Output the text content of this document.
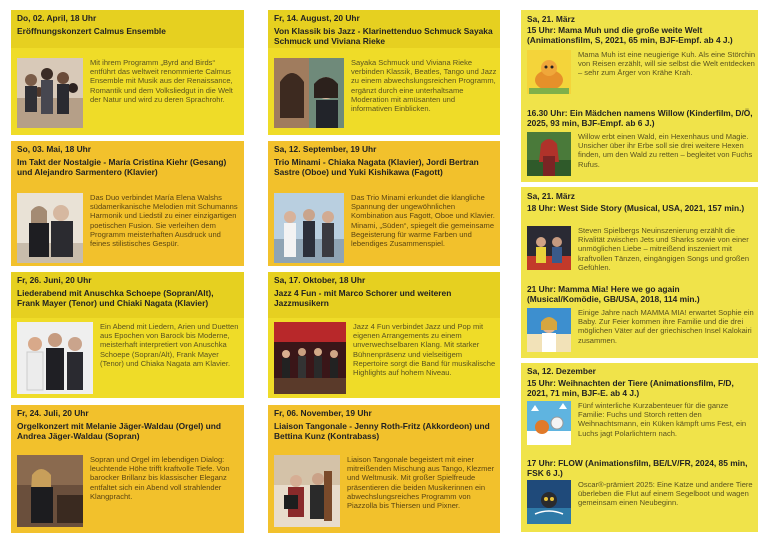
Do, 02. April, 18 Uhr
Eröffnungskonzert Calmus Ensemble
Mit ihrem Programm „Byrd and Birds“ entführt das weltweit renommierte Calmus Ensemble mit Musik aus der Renaissance, Romantik und dem Volksliedgut in die Welt der Natur und wird zu deren Sprachrohr.
So, 03. Mai, 18 Uhr
Im Takt der Nostalgie - María Cristina Kiehr (Gesang) und Alejandro Sarmentero (Klavier)
Das Duo verbindet María Elena Walshs südamerikanische Melodien mit Schumanns Harmonik und Liedstil zu einer einzigartigen poetischen Fusion. Sie verleihen dem Programm meisterhaften Ausdruck und feines stilistisches Gespür.
Fr, 26. Juni, 20 Uhr
Liederabend mit Anuschka Schoepe (Sopran/Alt), Frank Mayer (Tenor) und Chiaki Nagata (Klavier)
Ein Abend mit Liedern, Arien und Duetten aus Epochen von Barock bis Moderne, meisterhaft interpretiert von Anuschka Schoepe (Sopran/Alt), Frank Mayer (Tenor) und Chiaka Nagata am Klavier.
Fr, 24. Juli, 20 Uhr
Orgelkonzert mit Melanie Jäger-Waldau (Orgel) und Andrea Jäger-Waldau (Sopran)
Sopran und Orgel im lebendigen Dialog: leuchtende Höhe trifft kraftvolle Tiefe. Von barocker Brillanz bis klassischer Eleganz entfaltet sich ein Abend voll strahlender Klangpracht.
Fr, 14. August, 20 Uhr
Von Klassik bis Jazz - Klarinettenduo Schmuck Sayaka Schmuck und Viviana Rieke
Sayaka Schmuck und Viviana Rieke verbinden Klassik, Beatles, Tango und Jazz zu einem abwechslungsreichen Programm, ergänzt durch eine unterhaltsame Moderation mit amüsanten und informativen Einblicken.
Sa, 12. September, 19 Uhr
Trio Minami - Chiaka Nagata (Klavier), Jordi Bertran Sastre (Oboe) und Yuki Kishikawa (Fagott)
Das Trio Minami erkundet die klangliche Spannung der ungewöhnlichen Kombination aus Fagott, Oboe und Klavier. Minami, „Süden“, spiegelt die gemeinsame Begeisterung für warme Farben und lebendiges Zusammenspiel.
Sa, 17. Oktober, 18 Uhr
Jazz 4 Fun - mit Marco Schorer und weiteren Jazzmusikern
Jazz 4 Fun verbindet Jazz und Pop mit eigenen Arrangements zu einem unverwechselbaren Klang. Mit starker Bühnenpräsenz und vielseitigem Repertoire sorgt die Band für musikalische Highlights auf hohem Niveau.
Fr, 06. November, 19 Uhr
Liaison Tangonale - Jenny Roth-Fritz (Akkordeon) und Bettina Kunz (Kontrabass)
Liaison Tangonale begeistert mit einer mitreißenden Mischung aus Tango, Klezmer und Weltmusik. Mit großer Spielfreude präsentieren die beiden Musikerinnen ein abwechslungsreiches Programm von Piazzolla bis Thiersen und Pixner.
Sa, 21. März
15 Uhr: Mama Muh und die große weite Welt (Animationsfilm, S, 2021, 65 min, BJF-Empf. ab 4 J.)
Mama Muh ist eine neugierige Kuh. Als eine Störchin von Reisen erzählt, will sie selbst die Welt entdecken – sehr zum Ärger von Krähe Krah.
16.30 Uhr: Ein Mädchen namens Willow (Kinderfilm, D/Ö, 2025, 93 min, BJF-Empf. ab 6 J.)
Willow erbt einen Wald, ein Hexenhaus und Magie. Unsicher über ihr Erbe soll sie drei weitere Hexen finden, um den Wald zu retten – begleitet von Fuchs Rufus.
Sa, 21. März
18 Uhr: West Side Story (Musical, USA, 2021, 157 min.)
Steven Spielbergs Neuinszenierung erzählt die Rivalität zwischen Jets und Sharks sowie von einer unmöglichen Liebe – mitreißend inszeniert mit kraftvollen Tänzen, eingängigen Songs und großen Gefühlen.
21 Uhr: Mamma Mia! Here we go again (Musical/Komödie, GB/USA, 2018, 114 min.)
Einige Jahre nach MAMMA MIA! erwartet Sophie ein Baby. Zur Feier kommen ihre Familie und die drei möglichen Väter auf der griechischen Insel Kalokairi zusammen.
Sa, 12. Dezember
15 Uhr: Weihnachten der Tiere (Animationsfilm, F/D, 2021, 71 min, BJF-E. ab 4 J.)
Fünf winterliche Kurzabenteuer für die ganze Familie: Fuchs und Storch retten den Weihnachtsmann, ein Küken kämpft ums Fest, ein Luchs jagt Polarlichtern nach.
17 Uhr: FLOW (Animationsfilm, BE/LV/FR, 2024, 85 min, FSK 6 J.)
Oscar®-prämiert 2025: Eine Katze und andere Tiere überleben die Flut auf einem Segelboot und wagen gemeinsam einen Neubeginn.
